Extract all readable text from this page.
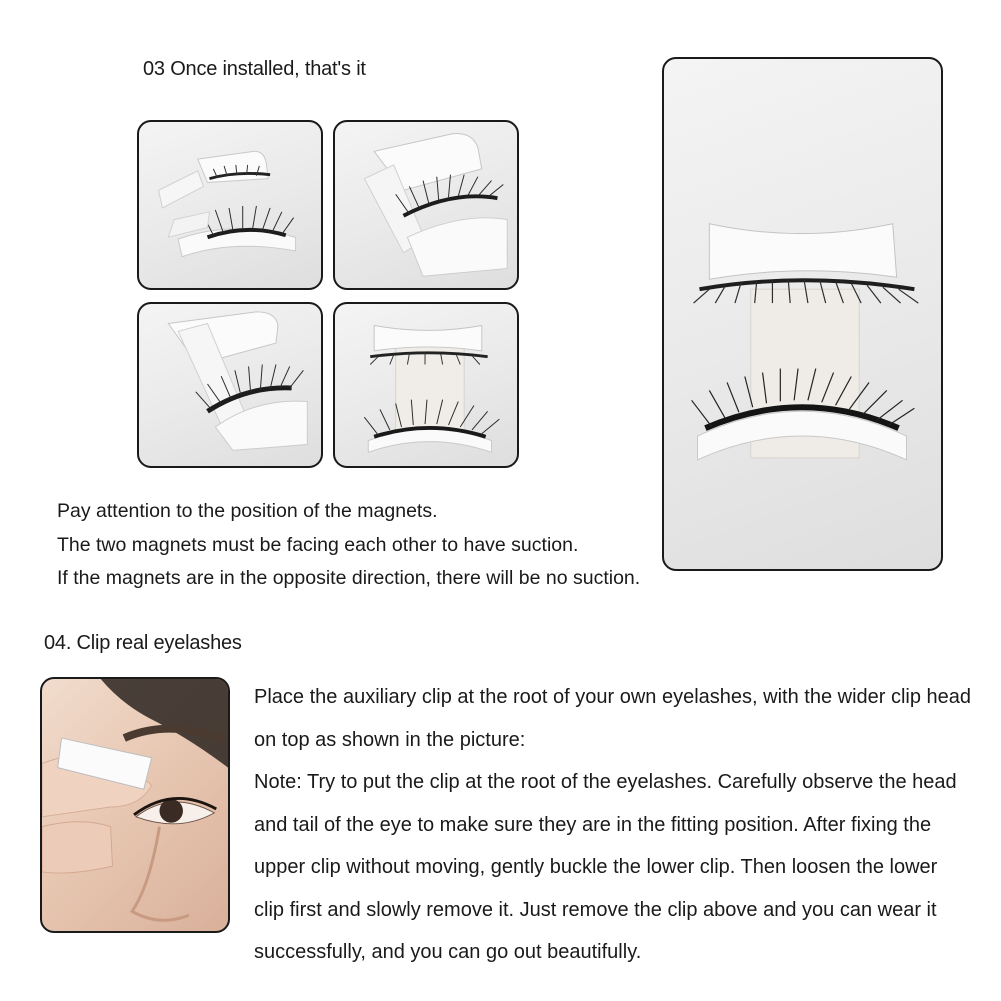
03 Once installed, that's it
Pay attention to the position of the magnets.
The two magnets must be facing each other to have suction.
If the magnets are in the opposite direction, there will be no suction.
04. Clip real eyelashes
Place the auxiliary clip at the root of your own eyelashes, with the wider clip head
on top as shown in the picture:
Note: Try to put the clip at the root of the eyelashes. Carefully observe the head
and tail of the eye to make sure they are in the fitting position. After fixing the
upper clip without moving, gently buckle the lower clip. Then loosen the lower
clip first and slowly remove it. Just remove the clip above and you can wear it
successfully, and you can go out beautifully.
